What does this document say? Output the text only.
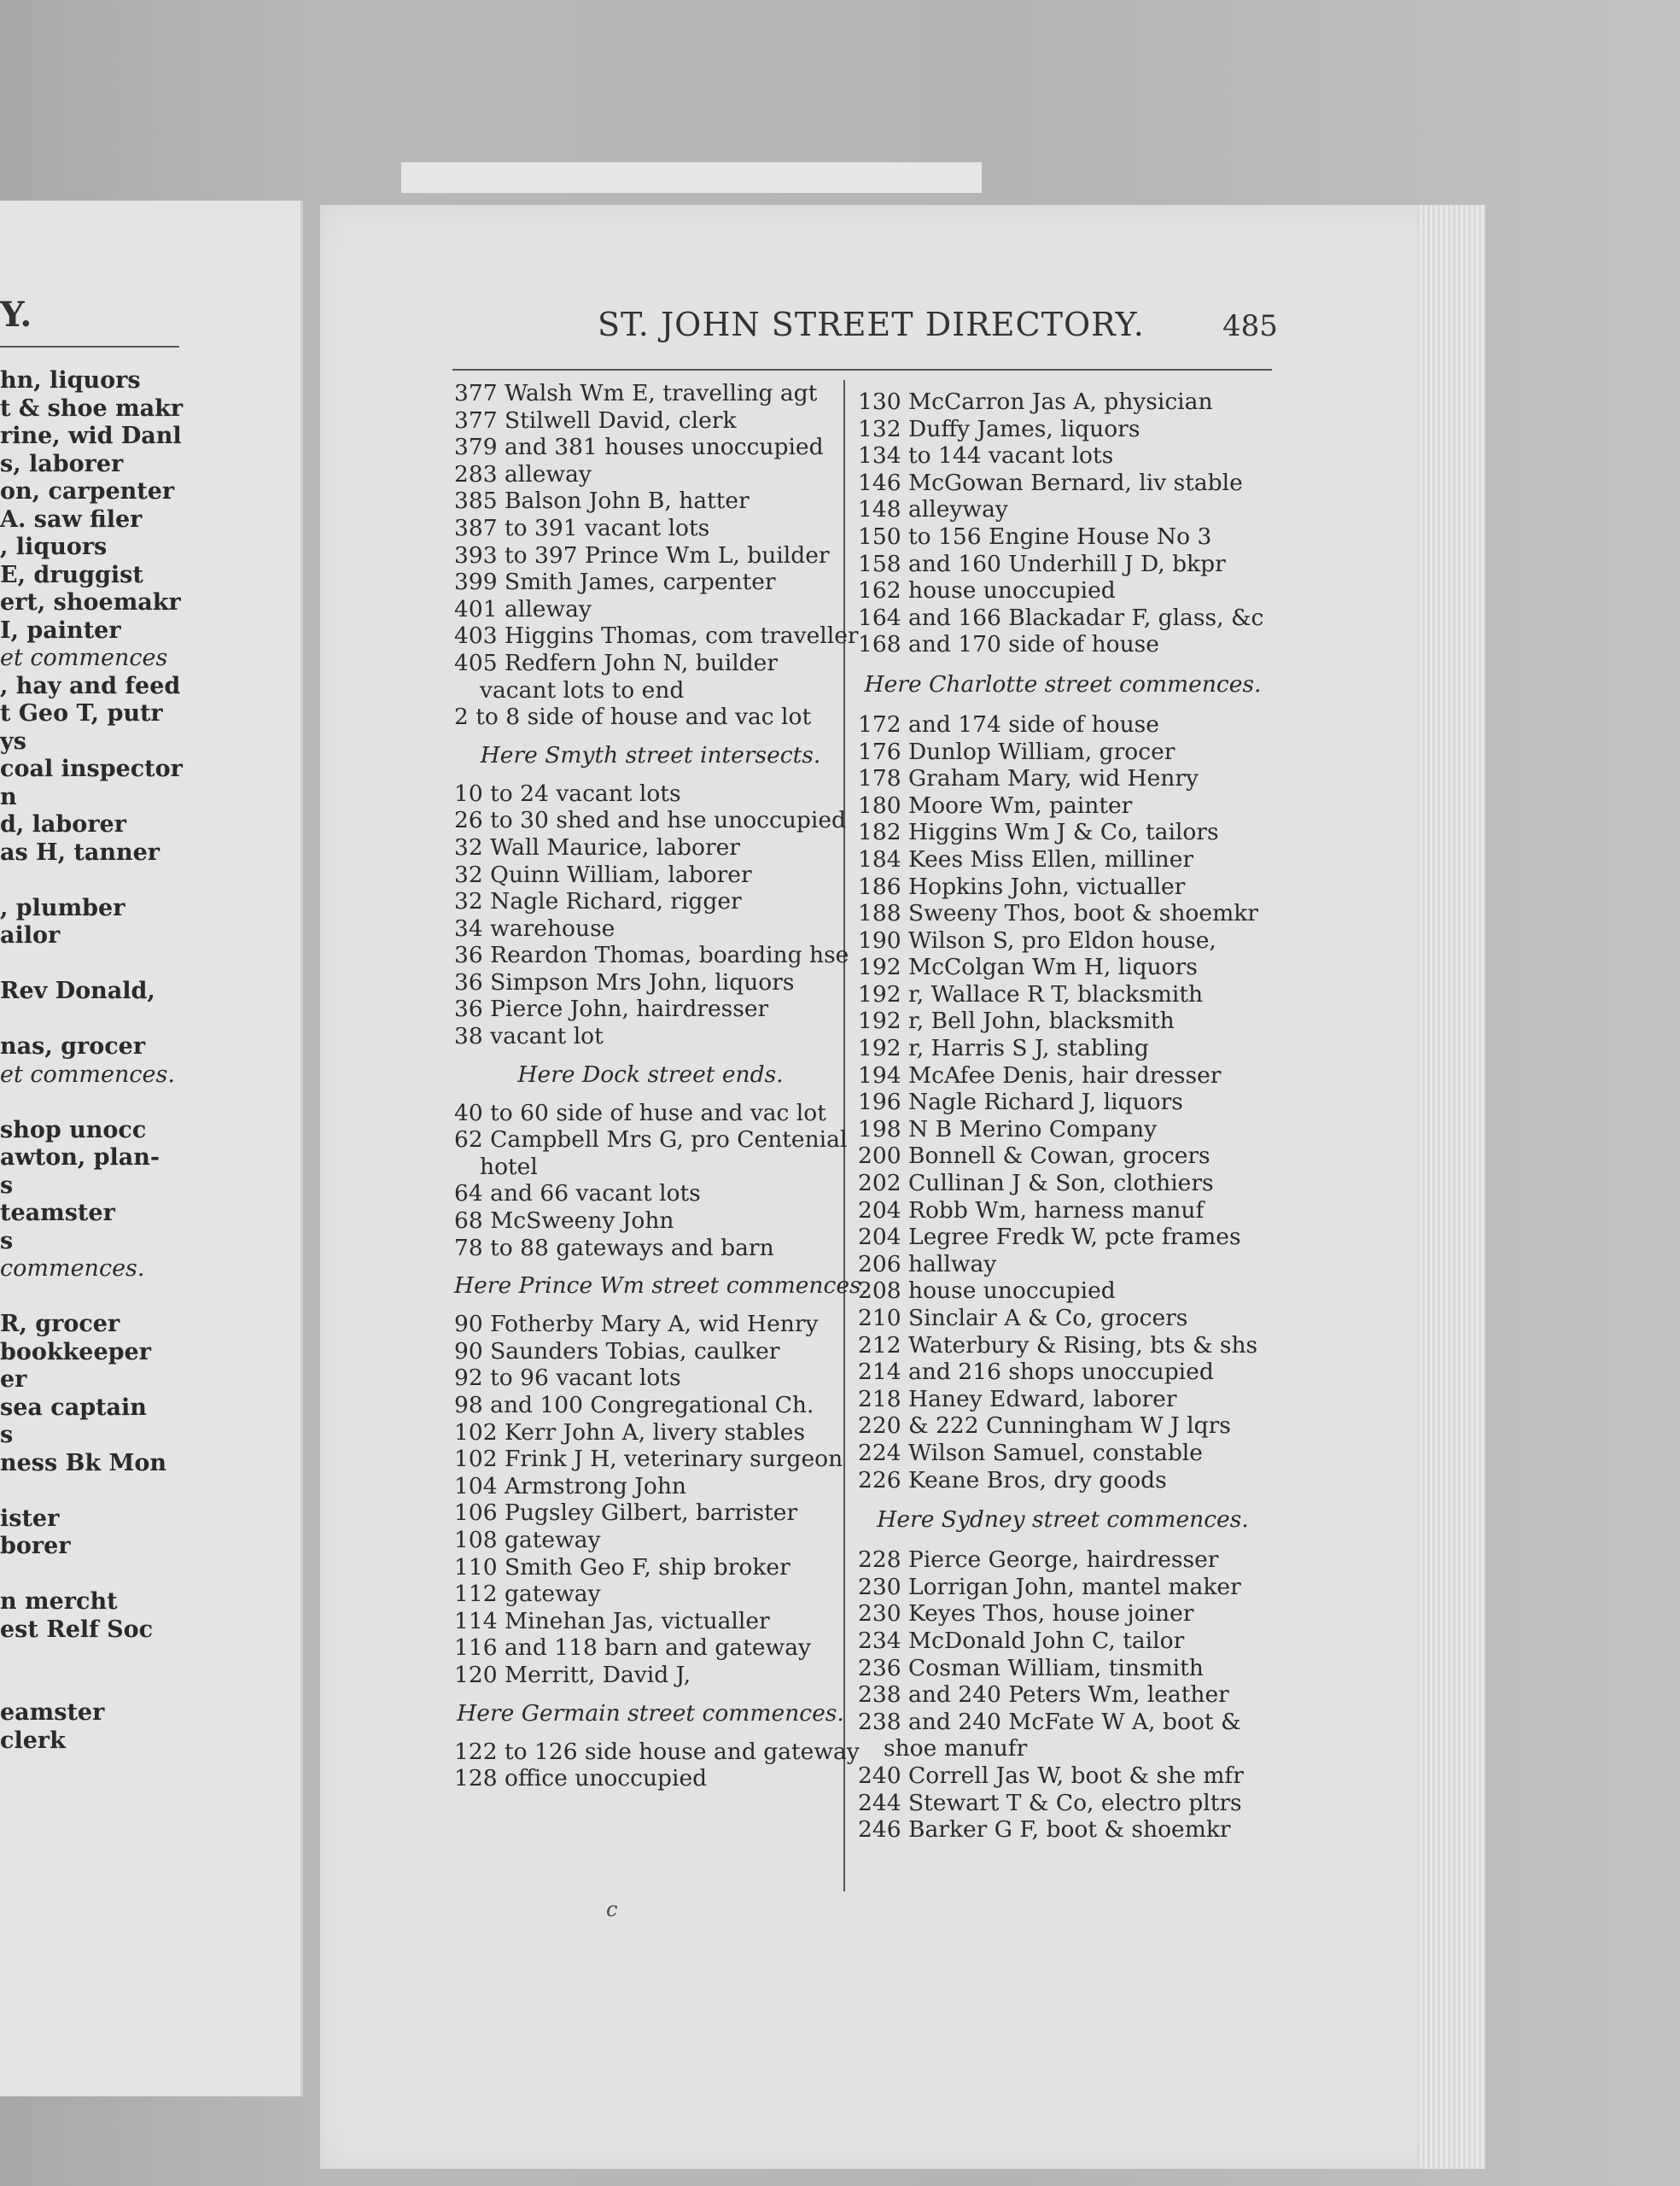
Y.
hn, liquors
t & shoe makr
rine, wid Danl
s, laborer
on, carpenter
A. saw filer
, liquors
E, druggist
ert, shoemakr
I, painter
et commences
, hay and feed
t Geo T, putr
ys
coal inspector
n
d, laborer
as H, tanner
, plumber
ailor
Rev Donald,
nas, grocer
et commences.
shop unocc
awton, plan-
s
teamster
s
commences.
R, grocer
bookkeeper
er
sea captain
s
ness Bk Mon
ister
borer
n mercht
est Relf Soc
eamster
clerk
ST. JOHN STREET DIRECTORY.	485
377 Walsh Wm E, travelling agt
377 Stilwell David, clerk
379 and 381 houses unoccupied
283 alleway
385 Balson John B, hatter
387 to 391 vacant lots
393 to 397 Prince Wm L, builder
399 Smith James, carpenter
401 alleway
403 Higgins Thomas, com traveller
405 Redfern John N, builder
vacant lots to end
2 to 8 side of house and vac lot
Here Smyth street intersects.
10 to 24 vacant lots
26 to 30 shed and hse unoccupied
32 Wall Maurice, laborer
32 Quinn William, laborer
32 Nagle Richard, rigger
34 warehouse
36 Reardon Thomas, boarding hse
36 Simpson Mrs John, liquors
36 Pierce John, hairdresser
38 vacant lot
Here Dock street ends.
40 to 60 side of huse and vac lot
62 Campbell Mrs G, pro Centenial
hotel
64 and 66 vacant lots
68 McSweeny John
78 to 88 gateways and barn
Here Prince Wm street commences.
90 Fotherby Mary A, wid Henry
90 Saunders Tobias, caulker
92 to 96 vacant lots
98 and 100 Congregational Ch.
102 Kerr John A, livery stables
102 Frink J H, veterinary surgeon
104 Armstrong John
106 Pugsley Gilbert, barrister
108 gateway
110 Smith Geo F, ship broker
112 gateway
114 Minehan Jas, victualler
116 and 118 barn and gateway
120 Merritt, David J,
Here Germain street commences.
122 to 126 side house and gateway
128 office unoccupied
130 McCarron Jas A, physician
132 Duffy James, liquors
134 to 144 vacant lots
146 McGowan Bernard, liv stable
148 alleyway
150 to 156 Engine House No 3
158 and 160 Underhill J D, bkpr
162 house unoccupied
164 and 166 Blackadar F, glass, &c
168 and 170 side of house
Here Charlotte street commences.
172 and 174 side of house
176 Dunlop William, grocer
178 Graham Mary, wid Henry
180 Moore Wm, painter
182 Higgins Wm J & Co, tailors
184 Kees Miss Ellen, milliner
186 Hopkins John, victualler
188 Sweeny Thos, boot & shoemkr
190 Wilson S, pro Eldon house,
192 McColgan Wm H, liquors
192 r, Wallace R T, blacksmith
192 r, Bell John, blacksmith
192 r, Harris S J, stabling
194 McAfee Denis, hair dresser
196 Nagle Richard J, liquors
198 N B Merino Company
200 Bonnell & Cowan, grocers
202 Cullinan J & Son, clothiers
204 Robb Wm, harness manuf
204 Legree Fredk W, pcte frames
206 hallway
208 house unoccupied
210 Sinclair A & Co, grocers
212 Waterbury & Rising, bts & shs
214 and 216 shops unoccupied
218 Haney Edward, laborer
220 & 222 Cunningham W J lqrs
224 Wilson Samuel, constable
226 Keane Bros, dry goods
Here Sydney street commences.
228 Pierce George, hairdresser
230 Lorrigan John, mantel maker
230 Keyes Thos, house joiner
234 McDonald John C, tailor
236 Cosman William, tinsmith
238 and 240 Peters Wm, leather
238 and 240 McFate W A, boot &
shoe manufr
240 Correll Jas W, boot & she mfr
244 Stewart T & Co, electro pltrs
246 Barker G F, boot & shoemkr
c
